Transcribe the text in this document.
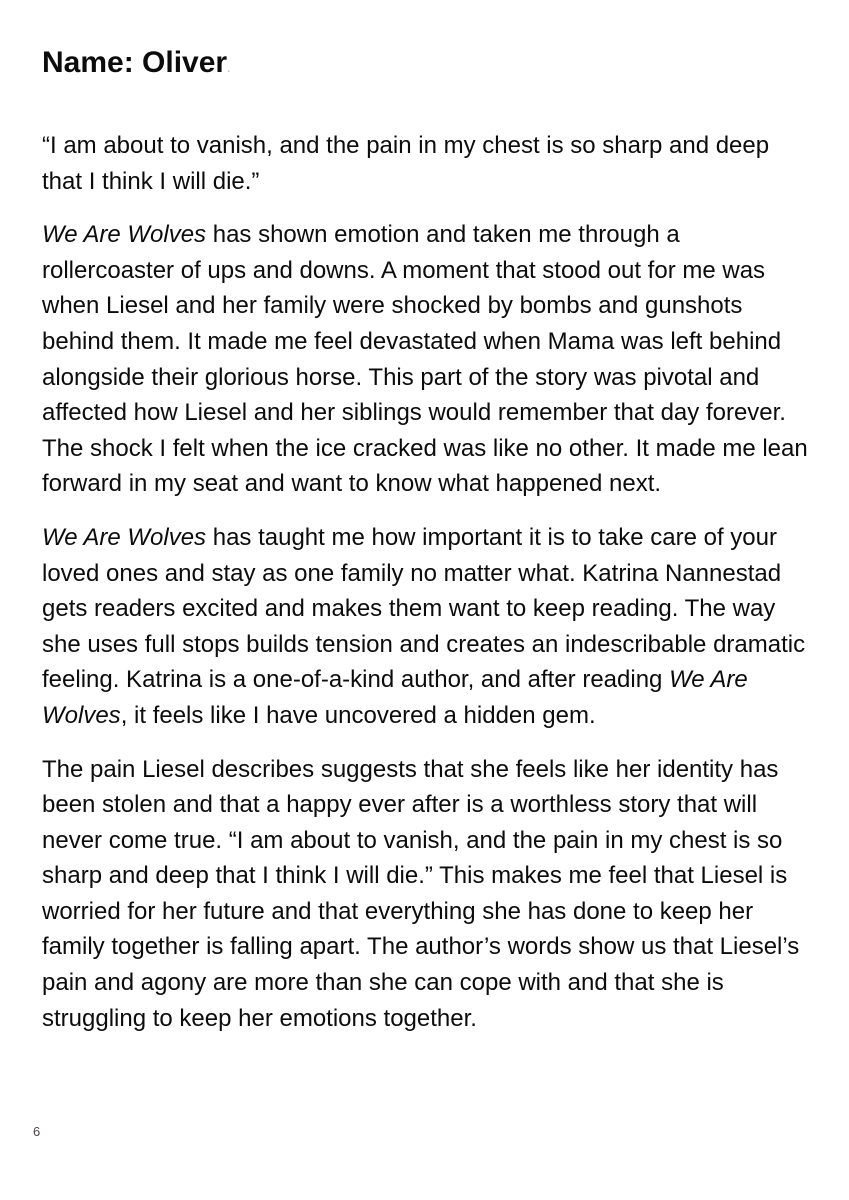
Name: Oliver.

“I am about to vanish, and the pain in my chest is so sharp and deep that I think I will die.”

We Are Wolves has shown emotion and taken me through a rollercoaster of ups and downs. A moment that stood out for me was when Liesel and her family were shocked by bombs and gunshots behind them. It made me feel devastated when Mama was left behind alongside their glorious horse. This part of the story was pivotal and affected how Liesel and her siblings would remember that day forever. The shock I felt when the ice cracked was like no other. It made me lean forward in my seat and want to know what happened next.

We Are Wolves has taught me how important it is to take care of your loved ones and stay as one family no matter what. Katrina Nannestad gets readers excited and makes them want to keep reading. The way she uses full stops builds tension and creates an indescribable dramatic feeling. Katrina is a one-of-a-kind author, and after reading We Are Wolves, it feels like I have uncovered a hidden gem.

The pain Liesel describes suggests that she feels like her identity has been stolen and that a happy ever after is a worthless story that will never come true. “I am about to vanish, and the pain in my chest is so sharp and deep that I think I will die.” This makes me feel that Liesel is worried for her future and that everything she has done to keep her family together is falling apart. The author’s words show us that Liesel’s pain and agony are more than she can cope with and that she is struggling to keep her emotions together.

6
